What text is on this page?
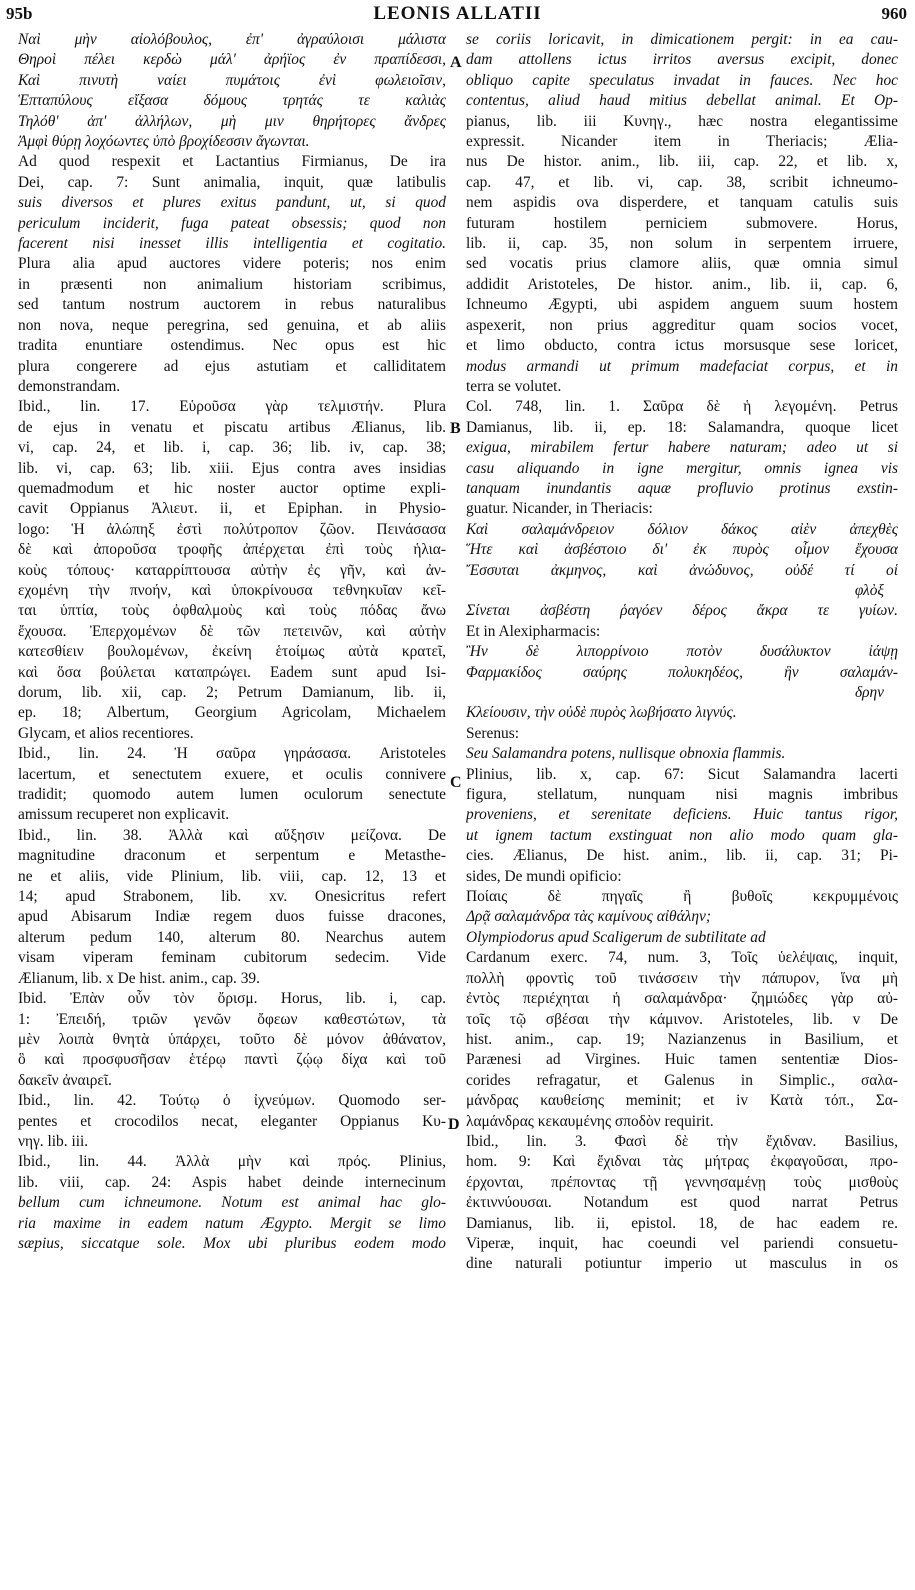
95b	LEONIS ALLATII	960

Ναὶ μὴν αἰολόβουλος, ἐπ' ἀγραύλοισι μάλιστα

Θηροὶ πέλει κερδὼ μάλ' ἀρήϊος ἐν πραπίδεσσι,

Καὶ πινυτὴ ναίει πυμάτοις ἐνὶ φωλειοῖσιν,

Ἑπταπύλους εἴξασα δόμους τρητάς τε καλιὰς

Τηλόθ' ἀπ' ἀλλήλων, μὴ μιν θηρήτορες ἄνδρες

Ἀμφὶ θύρῃ λοχόωντες ὑπὸ βροχίδεσσιν ἄγωνται.

Ad quod respexit et Lactantius Firmianus, De ira

Dei, cap. 7: Sunt animalia, inquit, quæ latibulis

suis diversos et plures exitus pandunt, ut, si quod

periculum inciderit, fuga pateat obsessis; quod non

facerent nisi inesset illis intelligentia et cogitatio.

Plura alia apud auctores videre poteris; nos enim

in præsenti non animalium historiam scribimus,

sed tantum nostrum auctorem in rebus naturalibus

non nova, neque peregrina, sed genuina, et ab aliis

tradita enuntiare ostendimus. Nec opus est hic

plura congerere ad ejus astutiam et calliditatem

demonstrandam.

Ibid., lin. 17. Εὑροῦσα γὰρ τελμιστήν. Plura

de ejus in venatu et piscatu artibus Ælianus, lib.

vi, cap. 24, et lib. i, cap. 36; lib. iv, cap. 38;

lib. vi, cap. 63; lib. xiii. Ejus contra aves insidias

quemadmodum et hic noster auctor optime expli-

cavit Oppianus Ἀλιευτ. ii, et Epiphan. in Physio-

logo: Ἡ ἀλώπηξ ἐστὶ πολύτροπον ζῶον. Πεινάσασα

δὲ καὶ ἀποροῦσα τροφῆς ἀπέρχεται ἐπὶ τοὺς ἡλια-

κοὺς τόπους· καταρρίπτουσα αὐτὴν ἐς γῆν, καὶ ἀν-

εχομένη τὴν πνοήν, καὶ ὑποκρίνουσα τεθνηκυῖαν κεῖ-

ται ὑπτία, τοὺς ὀφθαλμοὺς καὶ τοὺς πόδας ἄνω

ἔχουσα. Ἐπερχομένων δὲ τῶν πετεινῶν, καὶ αὐτὴν

κατεσθίειν βουλομένων, ἐκείνη ἑτοίμως αὐτὰ κρατεῖ,

καὶ ὅσα βούλεται καταπρώγει. Eadem sunt apud Isi-

dorum, lib. xii, cap. 2; Petrum Damianum, lib. ii,

ep. 18; Albertum, Georgium Agricolam, Michaelem

Glycam, et alios recentiores.

Ibid., lin. 24. Ἡ σαῦρα γηράσασα. Aristoteles

lacertum, et senectutem exuere, et oculis connivere

tradidit; quomodo autem lumen oculorum senectute

amissum recuperet non explicavit.

Ibid., lin. 38. Ἀλλὰ καὶ αὔξησιν μείζονα. De

magnitudine draconum et serpentum e Metasthe-

ne et aliis, vide Plinium, lib. viii, cap. 12, 13 et

14; apud Strabonem, lib. xv. Onesicritus refert

apud Abisarum Indiæ regem duos fuisse dracones,

alterum pedum 140, alterum 80. Nearchus autem

visam viperam feminam cubitorum sedecim. Vide

Ælianum, lib. x De hist. anim., cap. 39.

Ibid. Ἐπὰν οὖν τὸν ὄρισμ. Horus, lib. i, cap.

1: Ἐπειδή, τριῶν γενῶν ὄφεων καθεστώτων, τὰ

μὲν λοιπὰ θνητὰ ὑπάρχει, τοῦτο δὲ μόνον ἀθάνατον,

ὃ καὶ προσφυσῆσαν ἑτέρῳ παντὶ ζῴῳ δίχα καὶ τοῦ

δακεῖν ἀναιρεῖ.

Ibid., lin. 42. Τούτῳ ὁ ἰχνεύμων. Quomodo ser-

pentes et crocodilos necat, eleganter Oppianus Κυ-

νηγ. lib. iii.

Ibid., lin. 44. Ἀλλὰ μὴν καὶ πρός. Plinius,

lib. viii, cap. 24: Aspis habet deinde internecinum

bellum cum ichneumone. Notum est animal hac glo-

ria maxime in eadem natum Ægypto. Mergit se limo

sæpius, siccatque sole. Mox ubi pluribus eodem modo

se coriis loricavit, in dimicationem pergit: in ea cau-

dam attollens ictus irritos aversus excipit, donec

obliquo capite speculatus invadat in fauces. Nec hoc

contentus, aliud haud mitius debellat animal. Et Op-

pianus, lib. iii Κυνηγ., hæc nostra elegantissime

expressit. Nicander item in Theriacis; Ælia-

nus De histor. anim., lib. iii, cap. 22, et lib. x,

cap. 47, et lib. vi, cap. 38, scribit ichneumo-

nem aspidis ova disperdere, et tanquam catulis suis

futuram hostilem perniciem submovere. Horus,

lib. ii, cap. 35, non solum in serpentem irruere,

sed vocatis prius clamore aliis, quæ omnia simul

addidit Aristoteles, De histor. anim., lib. ii, cap. 6,

Ichneumo Ægypti, ubi aspidem anguem suum hostem

aspexerit, non prius aggreditur quam socios vocet,

et limo obducto, contra ictus morsusque sese loricet,

modus armandi ut primum madefaciat corpus, et in

terra se volutet.

Col. 748, lin. 1. Σαῦρα δὲ ἡ λεγομένη. Petrus

Damianus, lib. ii, ep. 18: Salamandra, quoque licet

exigua, mirabilem fertur habere naturam; adeo ut si

casu aliquando in igne mergitur, omnis ignea vis

tanquam inundantis aquæ profluvio protinus exstin-

guatur. Nicander, in Theriacis:

Καὶ σαλαμάνδρειον δόλιον δάκος αἰὲν ἀπεχθὲς

Ἥτε καὶ ἀσβέστοιο δι' ἐκ πυρὸς οἶμον ἔχουσα

Ἔσσυται ἀκμηνος, καὶ ἀνώδυνος, οὐδέ τί οἱ

φλὸξ

Σίνεται ἀσβέστη ῥαγόεν δέρος ἄκρα τε γυίων.

Et in Alexipharmacis:

Ἢν δὲ λιπορρίνοιο ποτὸν δυσάλυκτον ἰάψῃ

Φαρμακίδος σαύρης πολυκηδέος, ἣν σαλαμάν-

δρην

Κλείουσιν, τὴν οὐδὲ πυρὸς λωβήσατο λιγνύς.

Serenus:

Seu Salamandra potens, nullisque obnoxia flammis.

Plinius, lib. x, cap. 67: Sicut Salamandra lacerti

figura, stellatum, nunquam nisi magnis imbribus

proveniens, et serenitate deficiens. Huic tantus rigor,

ut ignem tactum exstinguat non alio modo quam gla-

cies. Ælianus, De hist. anim., lib. ii, cap. 31; Pi-

sides, De mundi opificio:

Ποίαις δὲ πηγαῖς ἢ βυθοῖς κεκρυμμένοις

Δρᾷ σαλαμάνδρα τὰς καμίνους αἰθάλην;

Olympiodorus apud Scaligerum de subtilitate ad

Cardanum exerc. 74, num. 3, Τοῖς ὑελέψαις, inquit,

πολλὴ φροντὶς τοῦ τινάσσειν τὴν πάπυρον, ἵνα μὴ

ἐντὸς περιέχηται ἡ σαλαμάνδρα· ζημιώδες γὰρ αὐ-

τοῖς τῷ σβέσαι τὴν κάμινον. Aristoteles, lib. v De

hist. anim., cap. 19; Nazianzenus in Basilium, et

Parænesi ad Virgines. Huic tamen sententiæ Dios-

corides refragatur, et Galenus in Simplic., σαλα-

μάνδρας καυθείσης meminit; et iv Κατὰ τόπ., Σα-

λαμάνδρας κεκαυμένης σποδὸν requirit.

Ibid., lin. 3. Φασὶ δὲ τὴν ἔχιδναν. Basilius,

hom. 9: Καὶ ἔχιδναι τὰς μήτρας ἐκφαγοῦσαι, προ-

έρχονται, πρέποντας τῇ γεννησαμένῃ τοὺς μισθοὺς

ἐκτιννύουσαι. Notandum est quod narrat Petrus

Damianus, lib. ii, epistol. 18, de hac eadem re.

Viperæ, inquit, hac coeundi vel pariendi consuetu-

dine naturali potiuntur imperio ut masculus in os

A
B
C
D
